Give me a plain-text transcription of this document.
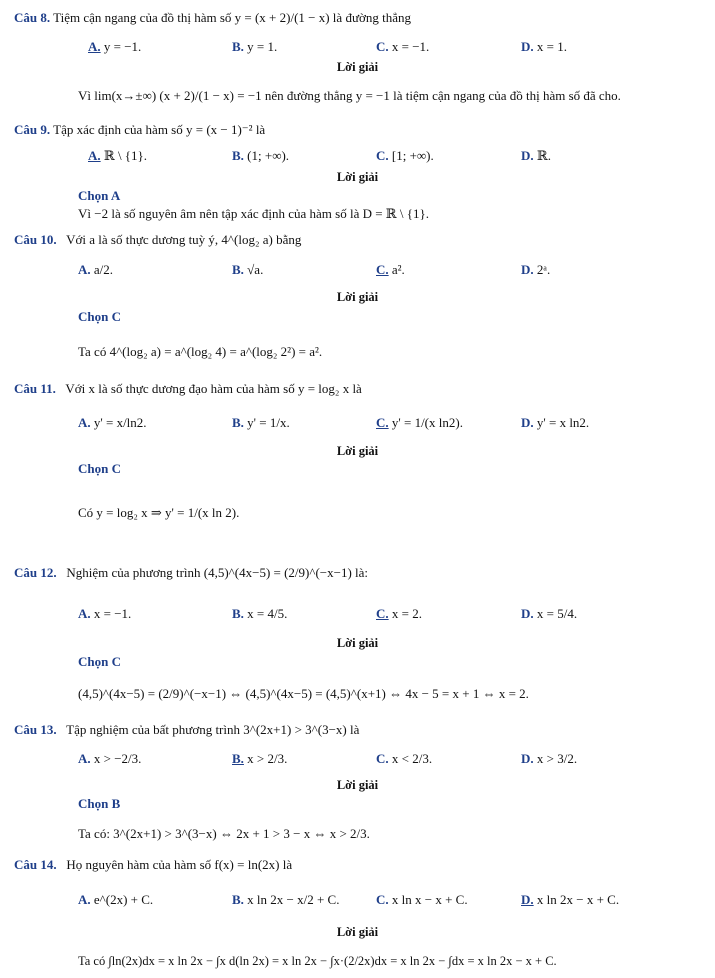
Câu 8. Tiệm cận ngang của đồ thị hàm số y = (x + 2)/(1 − x) là đường thẳng
A. y = −1.	B. y = 1.	C. x = −1.	D. x = 1.
Lời giải
Vì lim(x→±∞) (x + 2)/(1 − x) = −1 nên đường thẳng y = −1 là tiệm cận ngang của đồ thị hàm số đã cho.
Câu 9. Tập xác định của hàm số y = (x − 1)⁻² là
A. ℝ \ {1}.	B. (1; +∞).	C. [1; +∞).	D. ℝ.
Lời giải
Chọn A
Vì −2 là số nguyên âm nên tập xác định của hàm số là D = ℝ \ {1}.
Câu 10. Với a là số thực dương tuỳ ý, 4^(log₂ a) bằng
A. a/2.	B. √a.	C. a².	D. 2ᵃ.
Lời giải
Chọn C
Ta có 4^(log₂ a) = a^(log₂ 4) = a^(log₂ 2²) = a².
Câu 11. Với x là số thực dương đạo hàm của hàm số y = log₂ x là
A. y' = x/ln2.	B. y' = 1/x.	C. y' = 1/(x ln2).	D. y' = x ln2.
Lời giải
Chọn C
Có y = log₂ x ⇒ y' = 1/(x ln 2).
Câu 12. Nghiệm của phương trình (4,5)^(4x−5) = (2/9)^(−x−1) là:
A. x = −1.	B. x = 4/5.	C. x = 2.	D. x = 5/4.
Lời giải
Chọn C
(4,5)^(4x−5) = (2/9)^(−x−1) ⇔ (4,5)^(4x−5) = (4,5)^(x+1) ⇔ 4x − 5 = x + 1 ⇔ x = 2.
Câu 13. Tập nghiệm của bất phương trình 3^(2x+1) > 3^(3−x) là
A. x > −2/3.	B. x > 2/3.	C. x < 2/3.	D. x > 3/2.
Lời giải
Chọn B
Ta có: 3^(2x+1) > 3^(3−x) ⇔ 2x + 1 > 3 − x ⇔ x > 2/3.
Câu 14. Họ nguyên hàm của hàm số f(x) = ln(2x) là
A. e^(2x) + C.	B. x ln 2x − x/2 + C.	C. x ln x − x + C.	D. x ln 2x − x + C.
Lời giải
Ta có ∫ln(2x)dx = x ln 2x − ∫x d(ln 2x) = x ln 2x − ∫x·(2/2x)dx = x ln 2x − ∫dx = x ln 2x − x + C.
